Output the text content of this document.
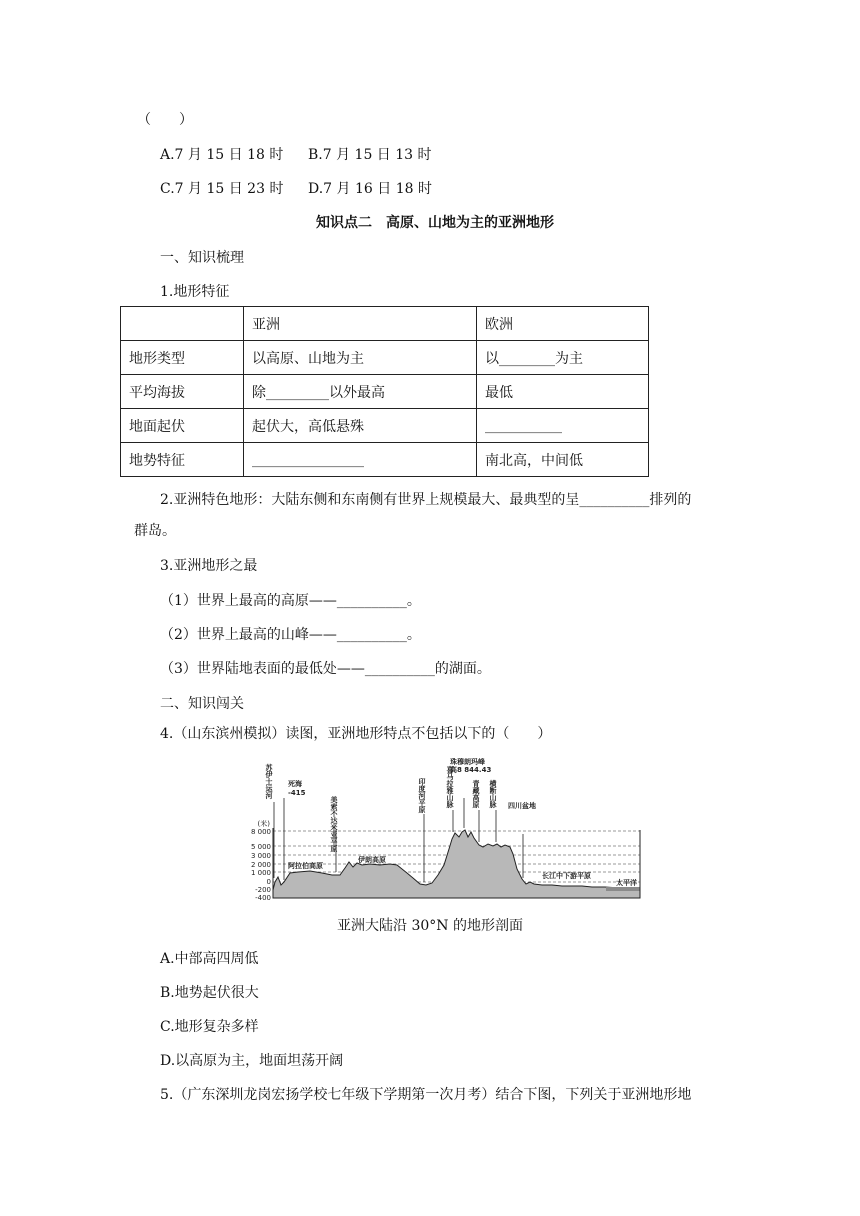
（　　）
A.7 月 15 日 18 时 B.7 月 15 日 13 时
C.7 月 15 日 23 时 D.7 月 16 日 18 时
知识点二　高原、山地为主的亚洲地形
一、知识梳理
1.地形特征
	亚洲	欧洲
地形类型	以高原、山地为主	以________为主
平均海拔	除_________以外最高	最低
地面起伏	起伏大，高低悬殊	___________
地势特征	________________	南北高，中间低
2.亚洲特色地形：大陆东侧和东南侧有世界上规模最大、最典型的呈__________排列的
群岛。
3.亚洲地形之最
（1）世界上最高的高原——__________。
（2）世界上最高的山峰——__________。
（3）世界陆地表面的最低处——__________的湖面。
二、知识闯关
4.（山东滨州模拟）读图，亚洲地形特点不包括以下的（　　）
(米)
8 000
5 000
3 000
2 000
1 000
0
-200
-400
苏伊士运河 死海
-415
美索不达米亚平原
印度河平原	喜马拉雅山脉
珠穆朗玛峰
高8 844.43
青藏高原 横断山脉 四川盆地
阿拉伯高原
伊朗高原
长江中下游平原
太平洋
亚洲大陆沿 30°N 的地形剖面
A.中部高四周低
B.地势起伏很大
C.地形复杂多样
D.以高原为主，地面坦荡开阔
5.（广东深圳龙岗宏扬学校七年级下学期第一次月考）结合下图，下列关于亚洲地形地
